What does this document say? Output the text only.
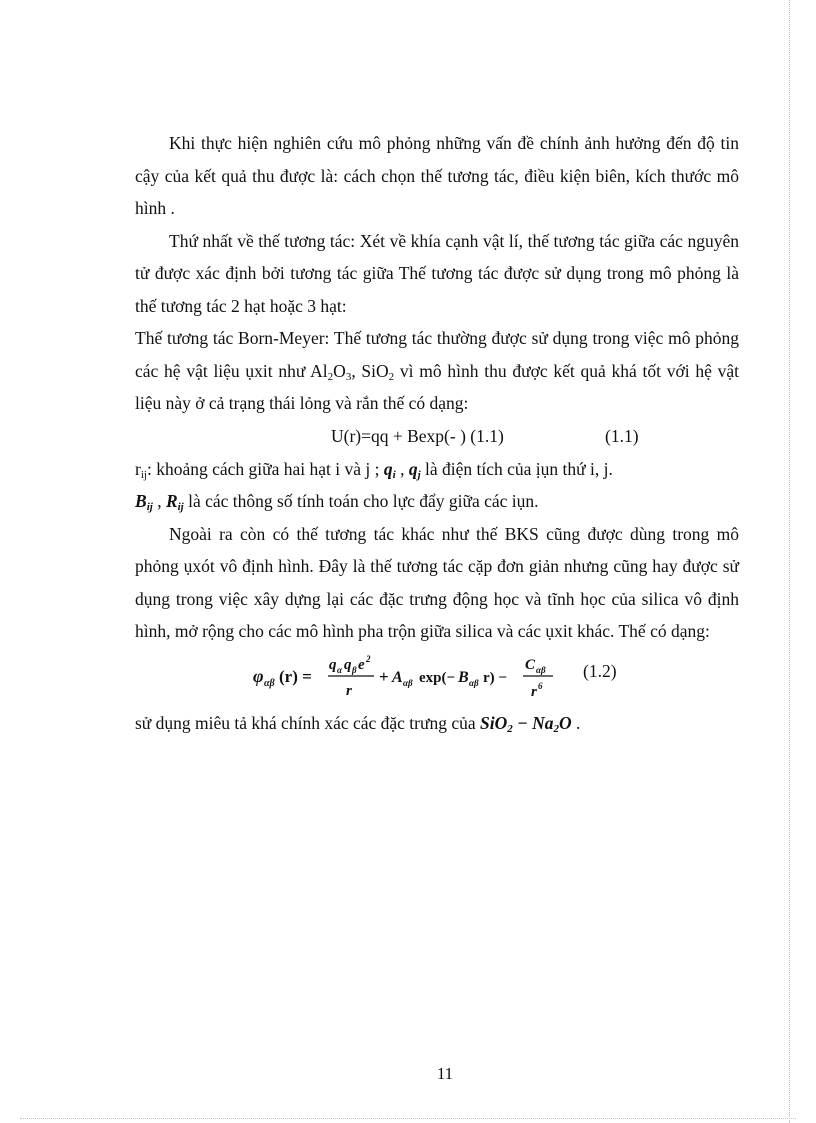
Khi thực hiện nghiên cứu mô phỏng những vấn đề chính ảnh hưởng đến độ tin cậy của kết quả thu được là: cách chọn thế tương tác, điều kiện biên, kích thước mô hình .

Thứ nhất về thế tương tác: Xét về khía cạnh vật lí, thế tương tác giữa các nguyên tử được xác định bởi tương tác giữa Thế tương tác được sử dụng trong mô phỏng là thế tương tác 2 hạt hoặc 3 hạt:

Thế tương tác Born-Meyer: Thế tương tác thường được sử dụng trong việc mô phỏng các hệ vật liệu ụxit như $Al_2O_3$, SiO$_2$ vì mô hình thu được kết quả khá tốt với hệ vật liệu này ở cả trạng thái lỏng và rắn thế có dạng:

U(r)=qq + Bexp(- ) (1.1)	(1.1)

$r_{ij}$: khoảng cách giữa hai hạt i và j ; $q_i$ , $q_j$ là điện tích của ịụn thứ i, j.

$B_{ij}$ , $R_{ij}$ là các thông số tính toán cho lực đẩy giữa các iụn.

Ngoài ra còn có thế tương tác khác như thế BKS cũng được dùng trong mô phỏng ụxót vô định hình. Đây là thế tương tác cặp đơn giản nhưng cũng hay được sử dụng trong việc xây dựng lại các đặc trưng động học và tĩnh học của silica vô định hình, mở rộng cho các mô hình pha trộn giữa silica và các ụxit khác. Thế có dạng:

φ αβ (r) =
q α q β e 2
r
+ A αβ exp(− B αβ r) −
C αβ
r 6
(1.2)

sử dụng miêu tả khá chính xác các đặc trưng của $SiO_2 - Na_2O$ .

11
